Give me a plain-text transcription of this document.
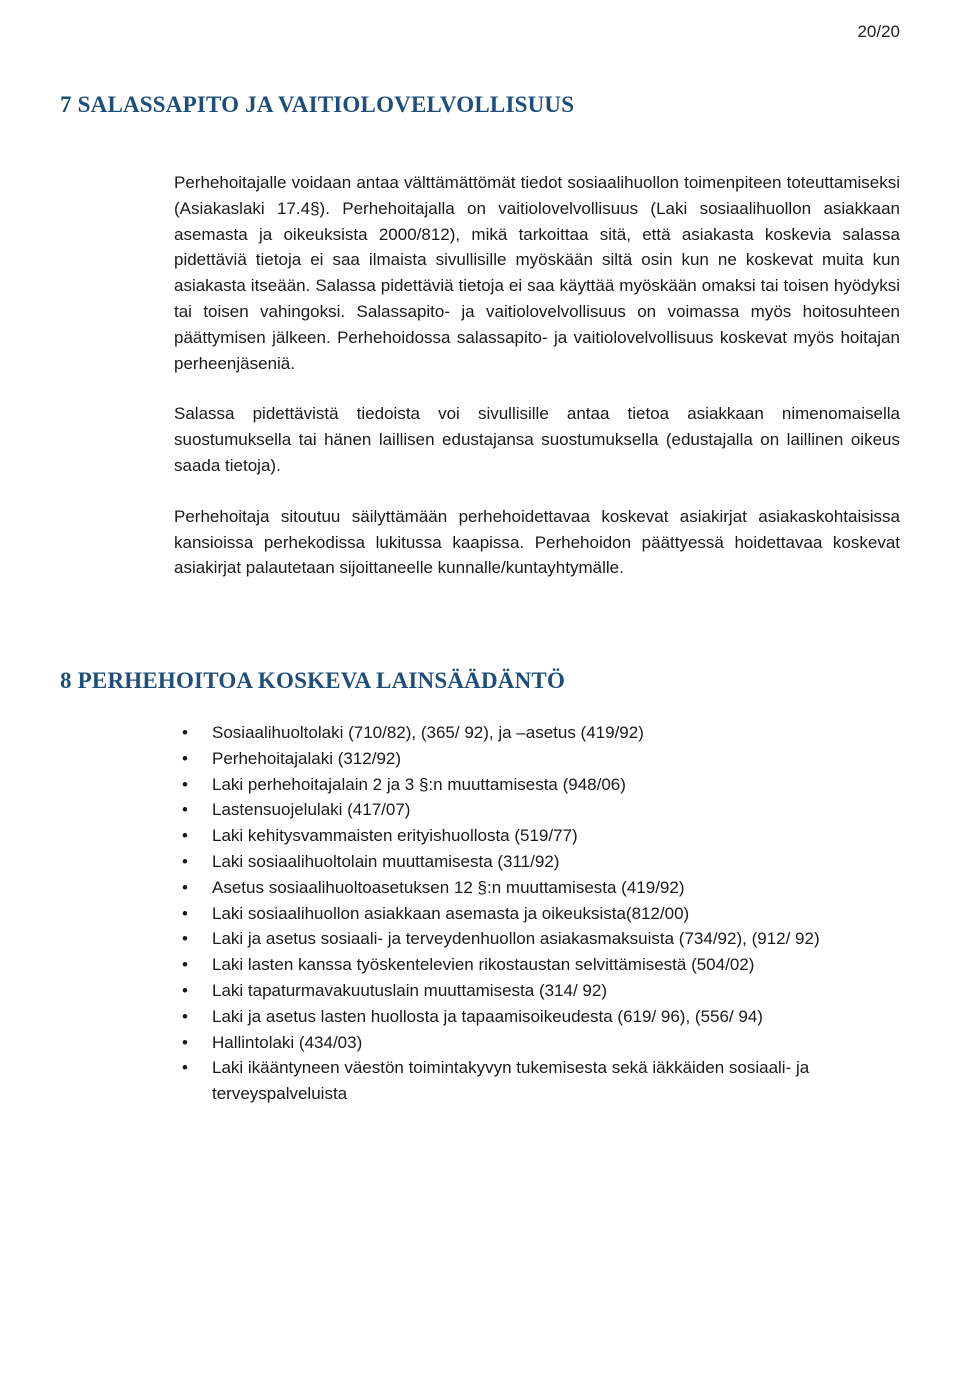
20/20
7 SALASSAPITO JA VAITIOLOVELVOLLISUUS

Perhehoitajalle voidaan antaa välttämättömät tiedot sosiaalihuollon toimenpiteen toteuttamiseksi (Asiakaslaki 17.4§). Perhehoitajalla on vaitiolovelvollisuus (Laki sosiaalihuollon asiakkaan asemasta ja oikeuksista 2000/812), mikä tarkoittaa sitä, että asiakasta koskevia salassa pidettäviä tietoja ei saa ilmaista sivullisille myöskään siltä osin kun ne koskevat muita kun asiakasta itseään. Salassa pidettäviä tietoja ei saa käyttää myöskään omaksi tai toisen hyödyksi tai toisen vahingoksi. Salassapito- ja vaitiolovelvollisuus on voimassa myös hoitosuhteen päättymisen jälkeen. Perhehoidossa salassapito- ja vaitiolovelvollisuus koskevat myös hoitajan perheenjäseniä.

Salassa pidettävistä tiedoista voi sivullisille antaa tietoa asiakkaan nimenomaisella suostumuksella tai hänen laillisen edustajansa suostumuksella (edustajalla on laillinen oikeus saada tietoja).

Perhehoitaja sitoutuu säilyttämään perhehoidettavaa koskevat asiakirjat asiakaskohtaisissa kansioissa perhekodissa lukitussa kaapissa. Perhehoidon päättyessä hoidettavaa koskevat asiakirjat palautetaan sijoittaneelle kunnalle/kuntayhtymälle.

8 PERHEHOITOA KOSKEVA LAINSÄÄDÄNTÖ
• Sosiaalihuoltolaki (710/82), (365/ 92), ja –asetus (419/92)
• Perhehoitajalaki (312/92)
• Laki perhehoitajalain 2 ja 3 §:n muuttamisesta (948/06)
• Lastensuojelulaki (417/07)
• Laki kehitysvammaisten erityishuollosta (519/77)
• Laki sosiaalihuoltolain muuttamisesta (311/92)
• Asetus sosiaalihuoltoasetuksen 12 §:n muuttamisesta (419/92)
• Laki sosiaalihuollon asiakkaan asemasta ja oikeuksista(812/00)
• Laki ja asetus sosiaali- ja terveydenhuollon asiakasmaksuista (734/92), (912/ 92)
• Laki lasten kanssa työskentelevien rikostaustan selvittämisestä (504/02)
• Laki tapaturmavakuutuslain muuttamisesta (314/ 92)
• Laki ja asetus lasten huollosta ja tapaamisoikeudesta (619/ 96), (556/ 94)
• Hallintolaki (434/03)
• Laki ikääntyneen väestön toimintakyvyn tukemisesta sekä iäkkäiden sosiaali- ja terveyspalveluista
